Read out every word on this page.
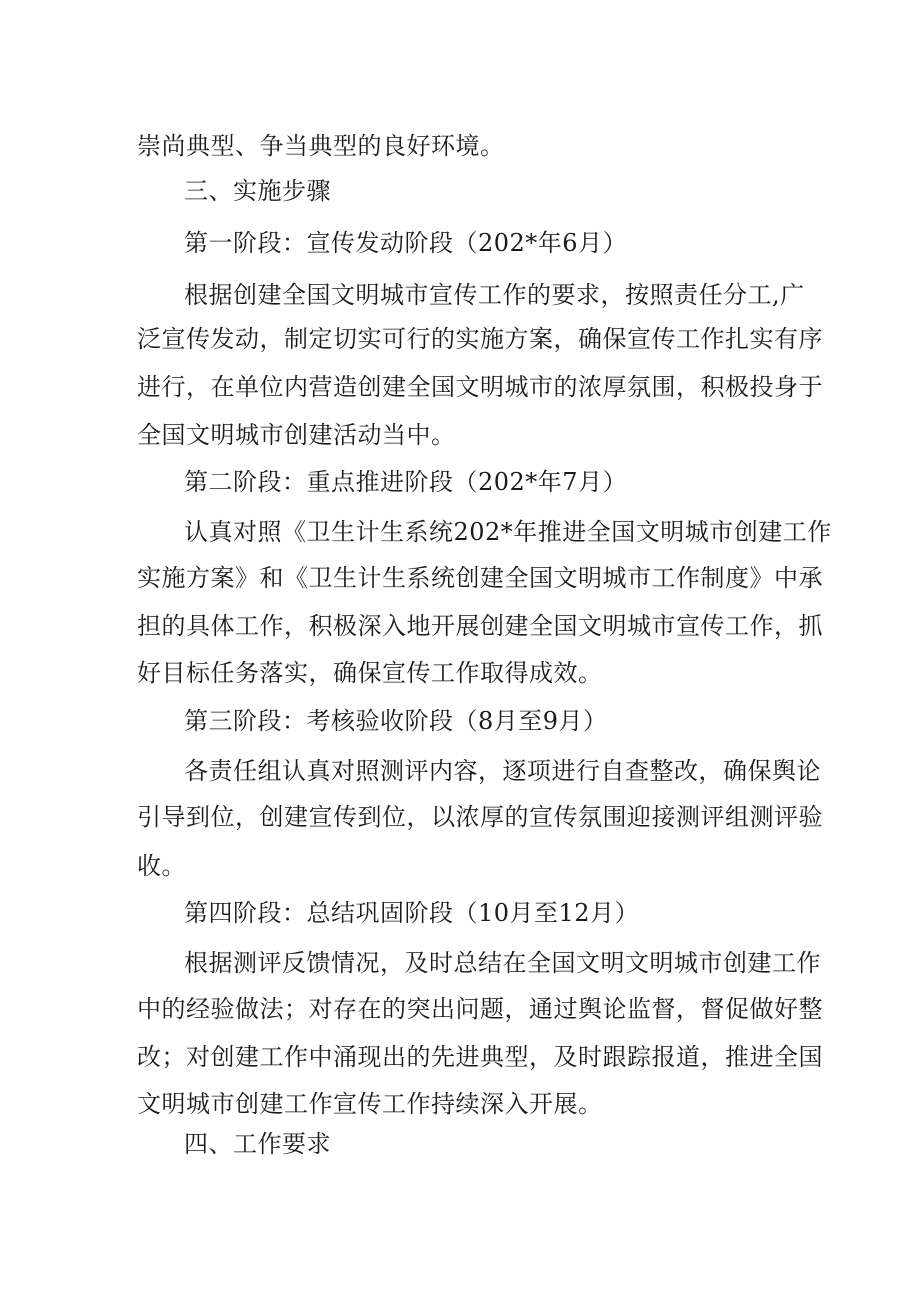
崇尚典型、争当典型的良好环境。
三、实施步骤
第一阶段：宣传发动阶段（202*年6月）
根据创建全国文明城市宣传工作的要求，按照责任分工,广
泛宣传发动，制定切实可行的实施方案，确保宣传工作扎实有序
进行，在单位内营造创建全国文明城市的浓厚氛围，积极投身于
全国文明城市创建活动当中。
第二阶段：重点推进阶段（202*年7月）
认真对照《卫生计生系统202*年推进全国文明城市创建工作
实施方案》和《卫生计生系统创建全国文明城市工作制度》中承
担的具体工作，积极深入地开展创建全国文明城市宣传工作，抓
好目标任务落实，确保宣传工作取得成效。
第三阶段：考核验收阶段（8月至9月）
各责任组认真对照测评内容，逐项进行自查整改，确保舆论
引导到位，创建宣传到位，以浓厚的宣传氛围迎接测评组测评验
收。
第四阶段：总结巩固阶段（10月至12月）
根据测评反馈情况，及时总结在全国文明文明城市创建工作
中的经验做法；对存在的突出问题，通过舆论监督，督促做好整
改；对创建工作中涌现出的先进典型，及时跟踪报道，推进全国
文明城市创建工作宣传工作持续深入开展。
四、工作要求
